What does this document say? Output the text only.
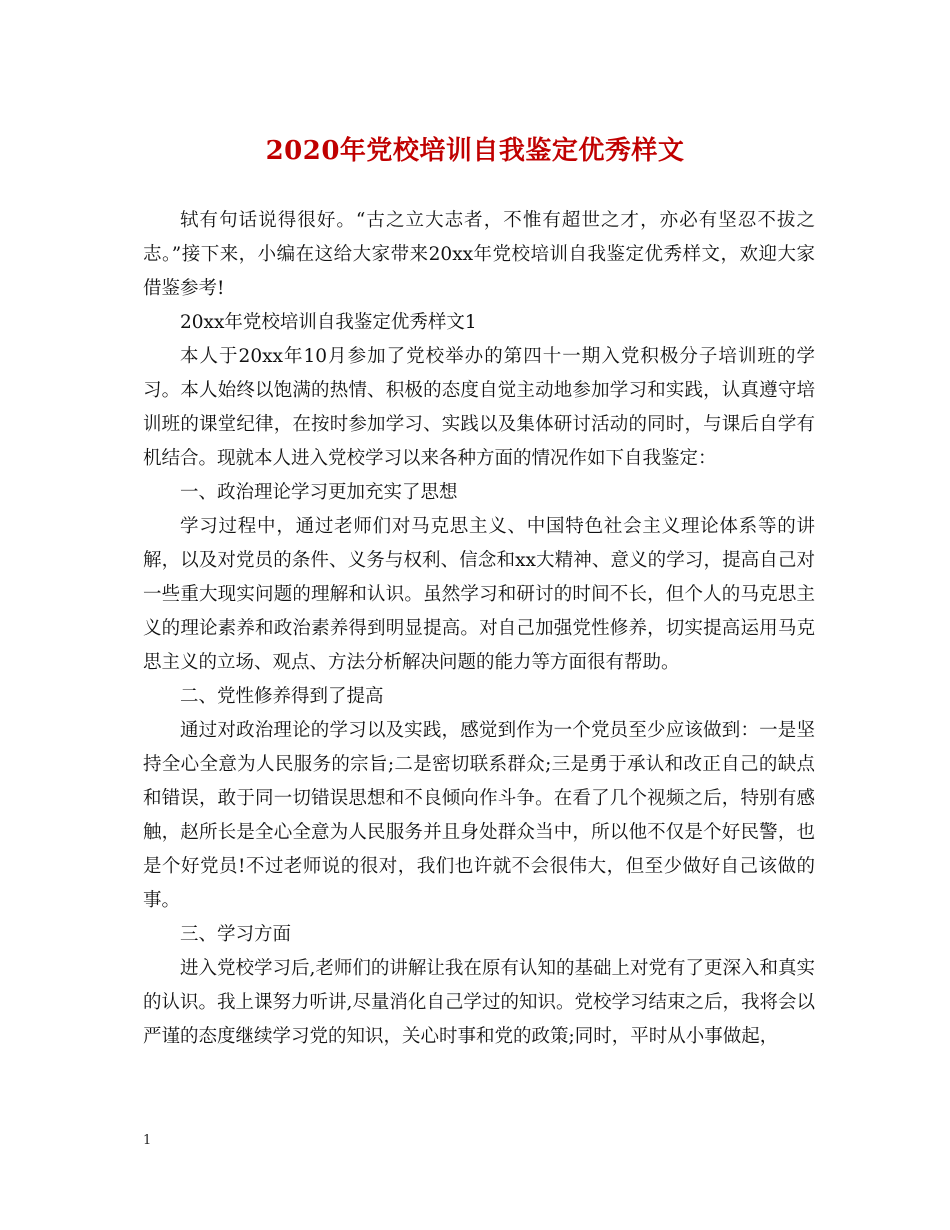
2020年党校培训自我鉴定优秀样文

轼有句话说得很好。“古之立大志者，不惟有超世之才，亦必有坚忍不拔之志。”接下来，小编在这给大家带来20xx年党校培训自我鉴定优秀样文，欢迎大家借鉴参考!

20xx年党校培训自我鉴定优秀样文1

本人于20xx年10月参加了党校举办的第四十一期入党积极分子培训班的学习。本人始终以饱满的热情、积极的态度自觉主动地参加学习和实践，认真遵守培训班的课堂纪律，在按时参加学习、实践以及集体研讨活动的同时，与课后自学有机结合。现就本人进入党校学习以来各种方面的情况作如下自我鉴定：

一、政治理论学习更加充实了思想

学习过程中，通过老师们对马克思主义、中国特色社会主义理论体系等的讲解，以及对党员的条件、义务与权利、信念和xx大精神、意义的学习，提高自己对一些重大现实问题的理解和认识。虽然学习和研讨的时间不长，但个人的马克思主义的理论素养和政治素养得到明显提高。对自己加强党性修养，切实提高运用马克思主义的立场、观点、方法分析解决问题的能力等方面很有帮助。

二、党性修养得到了提高

通过对政治理论的学习以及实践，感觉到作为一个党员至少应该做到：一是坚持全心全意为人民服务的宗旨;二是密切联系群众;三是勇于承认和改正自己的缺点和错误，敢于同一切错误思想和不良倾向作斗争。在看了几个视频之后，特别有感触，赵所长是全心全意为人民服务并且身处群众当中，所以他不仅是个好民警，也是个好党员!不过老师说的很对，我们也许就不会很伟大，但至少做好自己该做的事。

三、学习方面

进入党校学习后,老师们的讲解让我在原有认知的基础上对党有了更深入和真实的认识。我上课努力听讲,尽量消化自己学过的知识。党校学习结束之后，我将会以严谨的态度继续学习党的知识，关心时事和党的政策;同时，平时从小事做起，

1
